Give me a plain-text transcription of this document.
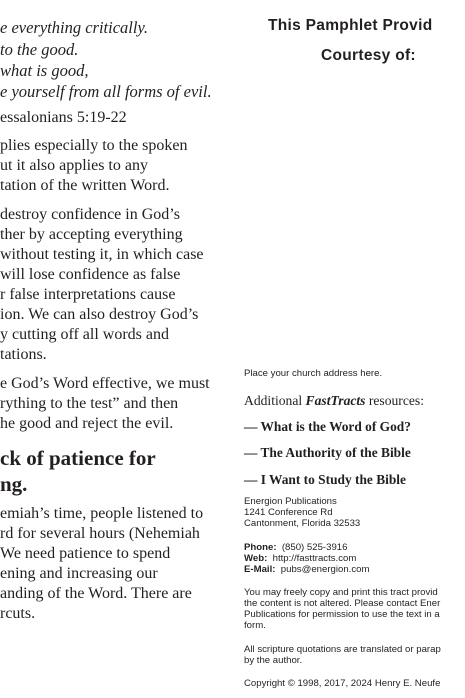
e everything critically.
to the good.
what is good,
e yourself from all forms of evil.
essalonians 5:19-22
plies especially to the spoken
ut it also applies to any
tation of the written Word.
destroy confidence in God’s
ther by accepting everything
without testing it, in which case
will lose confidence as false
r false interpretations cause
ion. We can also destroy God’s
y cutting off all words and
tations.
e God’s Word effective, we must
rything to the test” and then
he good and reject the evil.
ck of patience for
ng.
emiah’s time, people listened to
rd for several hours (Nehemiah
We need patience to spend
ening and increasing our
anding of the Word. There are
rcuts.
This Pamphlet Provid
Courtesy of:
Place your church address here.
Additional FastTracts resources:
— What is the Word of God?
— The Authority of the Bible
— I Want to Study the Bible
Energion Publications
1241 Conference Rd
Cantonment, Florida 32533
Phone: (850) 525-3916
Web: http://fasttracts.com
E-Mail: pubs@energion.com
You may freely copy and print this tract provid
the content is not altered. Please contact Ener
Publications for permission to use the text in a
form.
All scripture quotations are translated or parap
by the author.
Copyright © 1998, 2017, 2024 Henry E. Neufe
